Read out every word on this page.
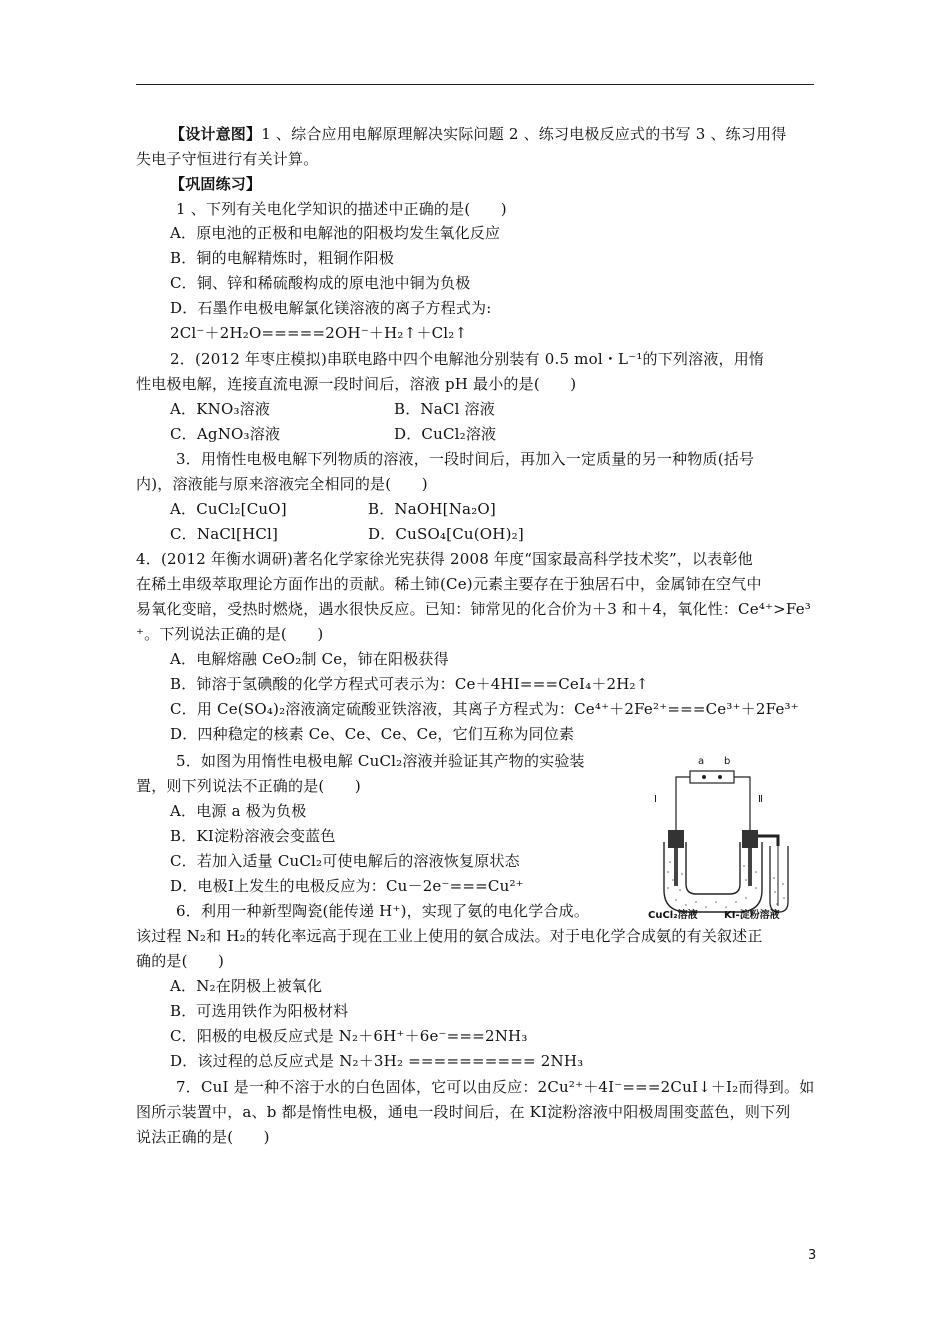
【设计意图】1 、综合应用电解原理解决实际问题 2 、练习电极反应式的书写 3 、练习用得
失电子守恒进行有关计算。
【巩固练习】
1 、下列有关电化学知识的描述中正确的是(　　)
A．原电池的正极和电解池的阳极均发生氧化反应
B．铜的电解精炼时，粗铜作阳极
C．铜、锌和稀硫酸构成的原电池中铜为负极
D．石墨作电极电解氯化镁溶液的离子方程式为:
2Cl⁻＋2H₂O=====2OH⁻＋H₂↑＋Cl₂↑
2．(2012 年枣庄模拟)串联电路中四个电解池分别装有 0.5 mol・L⁻¹的下列溶液，用惰
性电极电解，连接直流电源一段时间后，溶液 pH 最小的是(　　)
A．KNO₃溶液	B．NaCl 溶液
C．AgNO₃溶液	D．CuCl₂溶液
3．用惰性电极电解下列物质的溶液，一段时间后，再加入一定质量的另一种物质(括号
内)，溶液能与原来溶液完全相同的是(　　)
A．CuCl₂[CuO]	B．NaOH[Na₂O]
C．NaCl[HCl]	D．CuSO₄[Cu(OH)₂]
4．(2012 年衡水调研)著名化学家徐光宪获得 2008 年度“国家最高科学技术奖”，以表彰他
在稀土串级萃取理论方面作出的贡献。稀土铈(Ce)元素主要存在于独居石中，金属铈在空气中
易氧化变暗，受热时燃烧，遇水很快反应。已知：铈常见的化合价为＋3 和＋4，氧化性：Ce⁴⁺>Fe³
⁺。下列说法正确的是(　　)
A．电解熔融 CeO₂制 Ce，铈在阳极获得
B．铈溶于氢碘酸的化学方程式可表示为：Ce＋4HI===CeI₄＋2H₂↑
C．用 Ce(SO₄)₂溶液滴定硫酸亚铁溶液，其离子方程式为：Ce⁴⁺＋2Fe²⁺===Ce³⁺＋2Fe³⁺
D．四种稳定的核素 Ce、Ce、Ce、Ce，它们互称为同位素
5．如图为用惰性电极电解 CuCl₂溶液并验证其产物的实验装
置，则下列说法不正确的是(　　)
A．电源 a 极为负极
B．KI淀粉溶液会变蓝色
C．若加入适量 CuCl₂可使电解后的溶液恢复原状态
D．电极Ⅰ上发生的电极反应为：Cu－2e⁻===Cu²⁺
a b
Ⅰ	Ⅱ
CuCl₂溶液	KI-淀粉溶液
6．利用一种新型陶瓷(能传递 H⁺)，实现了氨的电化学合成。
该过程 N₂和 H₂的转化率远高于现在工业上使用的氨合成法。对于电化学合成氨的有关叙述正
确的是(　　)
A．N₂在阴极上被氧化
B．可选用铁作为阳极材料
C．阳极的电极反应式是 N₂＋6H⁺＋6e⁻===2NH₃
D．该过程的总反应式是 N₂＋3H₂ ========== 2NH₃
7．CuI 是一种不溶于水的白色固体，它可以由反应：2Cu²⁺＋4I⁻===2CuI↓＋I₂而得到。如
图所示装置中，a、b 都是惰性电极，通电一段时间后，在 KI淀粉溶液中阳极周围变蓝色，则下列
说法正确的是(　　)
3
